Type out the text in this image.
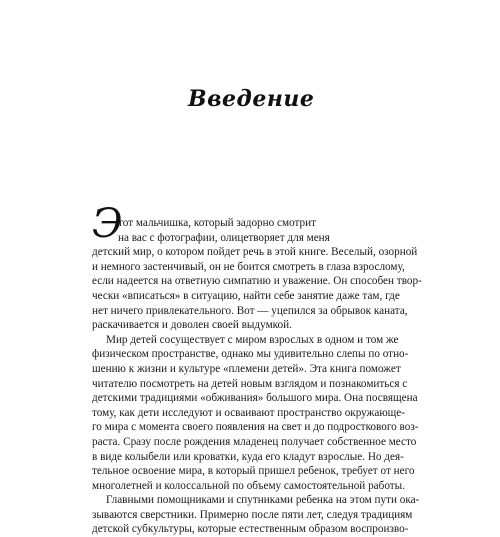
Введение
Э
тот мальчишка, который задорно смотрит
на вас с фотографии, олицетворяет для меня
детский мир, о котором пойдет речь в этой книге. Веселый, озорной
и немного застенчивый, он не боится смотреть в глаза взрослому,
если надеется на ответную симпатию и уважение. Он способен твор-
чески «вписаться» в ситуацию, найти себе занятие даже там, где
нет ничего привлекательного. Вот — уцепился за обрывок каната,
раскачивается и доволен своей выдумкой.
Мир детей сосуществует с миром взрослых в одном и том же
физическом пространстве, однако мы удивительно слепы по отно-
шению к жизни и культуре «племени детей». Эта книга поможет
читателю посмотреть на детей новым взглядом и познакомиться с
детскими традициями «обживания» большого мира. Она посвящена
тому, как дети исследуют и осваивают пространство окружающе-
го мира с момента своего появления на свет и до подросткового воз-
раста. Сразу после рождения младенец получает собственное место
в виде колыбели или кроватки, куда его кладут взрослые. Но дея-
тельное освоение мира, в который пришел ребенок, требует от него
многолетней и колоссальной по объему самостоятельной работы.
Главными помощниками и спутниками ребенка на этом пути ока-
зываются сверстники. Примерно после пяти лет, следуя традициям
детской субкультуры, которые естественным образом воспроизво-
